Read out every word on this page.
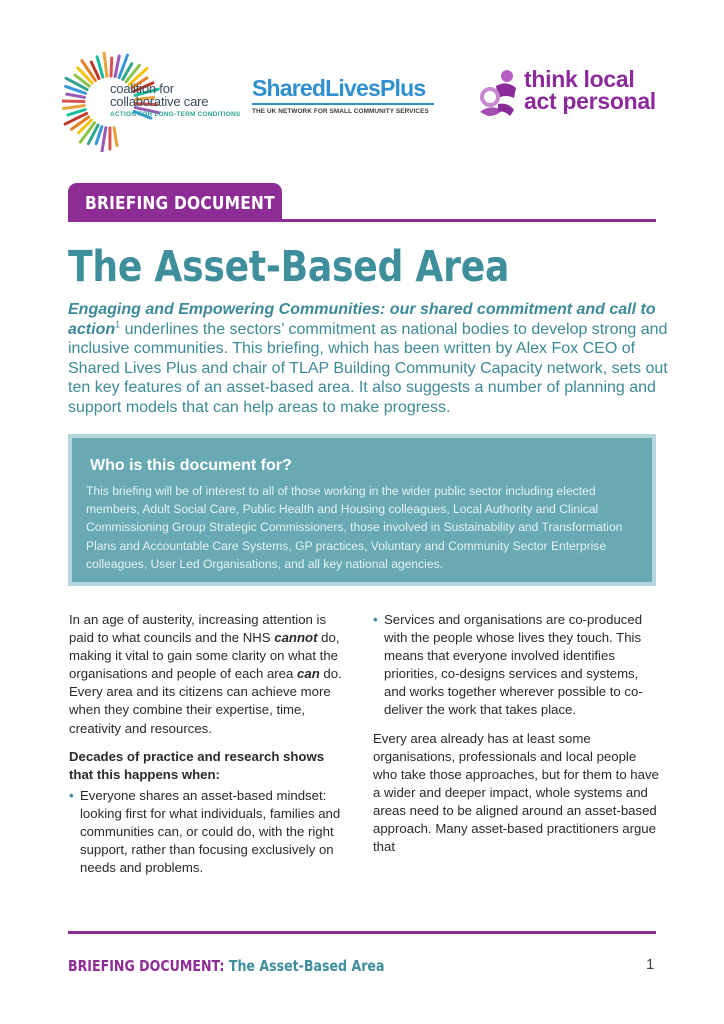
coalition for
collaborative care
ACTION FOR LONG-TERM CONDITIONS
SharedLivesPlus
THE UK NETWORK FOR SMALL COMMUNITY SERVICES
think local
act personal
BRIEFING DOCUMENT
The Asset-Based Area

Engaging and Empowering Communities: our shared commitment and call to action$^1$ underlines the sectors’ commitment as national bodies to develop strong and inclusive communities. This briefing, which has been written by Alex Fox CEO of Shared Lives Plus and chair of TLAP Building Community Capacity network, sets out ten key features of an asset-based area. It also suggests a number of planning and support models that can help areas to make progress.

Who is this document for?
This briefing will be of interest to all of those working in the wider public sector including elected members, Adult Social Care, Public Health and Housing colleagues, Local Authority and Clinical Commissioning Group Strategic Commissioners, those involved in Sustainability and Transformation Plans and Accountable Care Systems, GP practices, Voluntary and Community Sector Enterprise colleagues, User Led Organisations, and all key national agencies.

In an age of austerity, increasing attention is paid to what councils and the NHS cannot do, making it vital to gain some clarity on what the organisations and people of each area can do. Every area and its citizens can achieve more when they combine their expertise, time, creativity and resources.

Decades of practice and research shows that this happens when:

• Everyone shares an asset-based mindset: looking first for what individuals, families and communities can, or could do, with the right support, rather than focusing exclusively on needs and problems.
• Services and organisations are co-produced with the people whose lives they touch. This means that everyone involved identifies priorities, co-designs services and systems, and works together wherever possible to co-deliver the work that takes place.

Every area already has at least some organisations, professionals and local people who take those approaches, but for them to have a wider and deeper impact, whole systems and areas need to be aligned around an asset-based approach. Many asset-based practitioners argue that

BRIEFING DOCUMENT: The Asset-Based Area	1
